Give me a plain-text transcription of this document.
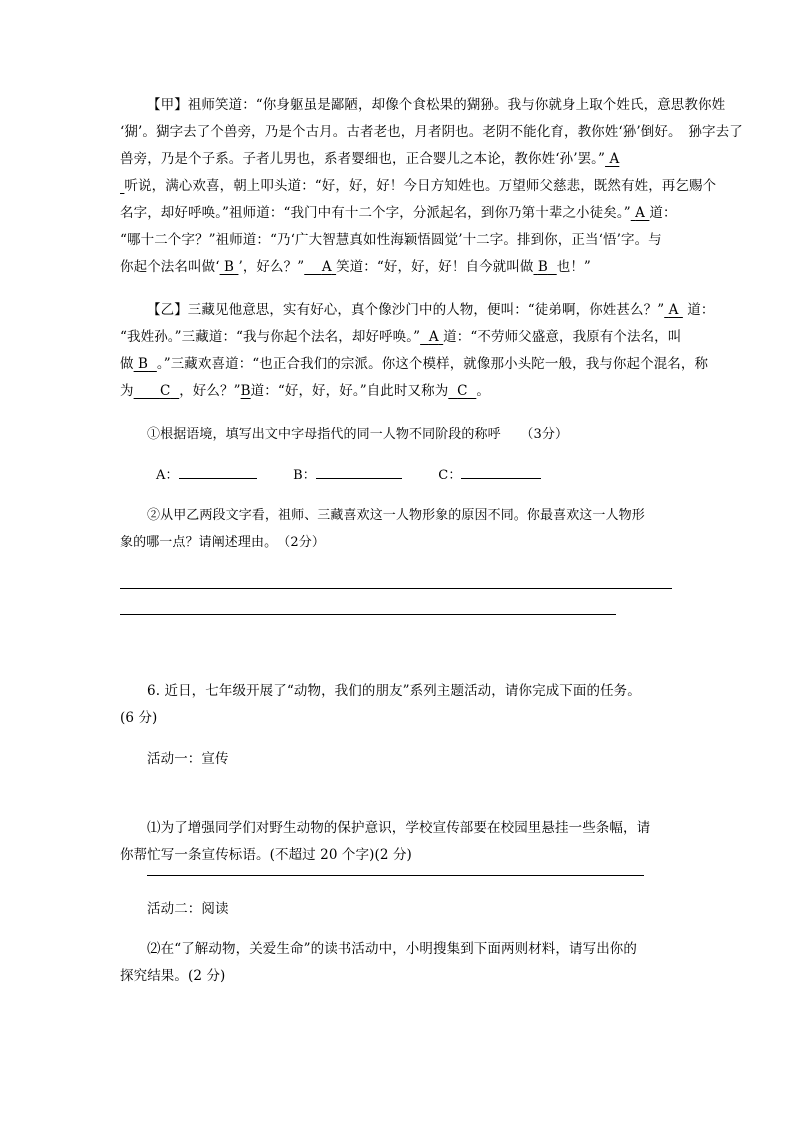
【甲】祖师笑道：“你身躯虽是鄙陋，却像个食松果的猢狲。我与你就身上取个姓氏，意思教你姓
‘猢’。猢字去了个兽旁，乃是个古月。古者老也，月者阴也。老阴不能化育，教你姓‘狲’倒好。　狲字去了
兽旁，乃是个子系。子者儿男也，系者婴细也，正合婴儿之本论，教你姓‘孙’罢。” A
听说，满心欢喜，朝上叩头道：“好，好，好！今日方知姓也。万望师父慈悲，既然有姓，再乞赐个
名字，却好呼唤。”祖师道：“我门中有十二个字，分派起名，到你乃第十辈之小徒矣。” A 道：
“哪十二个字？”祖师道：“乃‘广大智慧真如性海颖悟圆觉’十二字。排到你，正当‘悟’字。与
你起个法名叫做‘ B ’，好么？” A 笑道：“好，好，好！自今就叫做 B 也！”
【乙】三藏见他意思，实有好心，真个像沙门中的人物，便叫：“徒弟啊，你姓甚么？” A 道：
“我姓孙。”三藏道：“我与你起个法名，却好呼唤。” A 道：“不劳师父盛意，我原有个法名，叫
做 B 。”三藏欢喜道：“也正合我们的宗派。你这个模样，就像那小头陀一般，我与你起个混名，称
为 C ，好么？”B道：“好，好，好。”自此时又称为 C 。
①根据语境，填写出文中字母指代的同一人物不同阶段的称呼　　（3分）
A：	B：	C：
②从甲乙两段文字看，祖师、三藏喜欢这一人物形象的原因不同。你最喜欢这一人物形
象的哪一点？请阐述理由。　（2分）
6. 近日，七年级开展了“动物，我们的朋友”系列主题活动，请你完成下面的任务。
(6 分)
活动一：宣传
⑴为了增强同学们对野生动物的保护意识，学校宣传部要在校园里悬挂一些条幅，请
你帮忙写一条宣传标语。(不超过 20 个字)(2 分)
活动二：阅读
⑵在“了解动物，关爱生命”的读书活动中，小明搜集到下面两则材料，请写出你的
探究结果。(2 分)
